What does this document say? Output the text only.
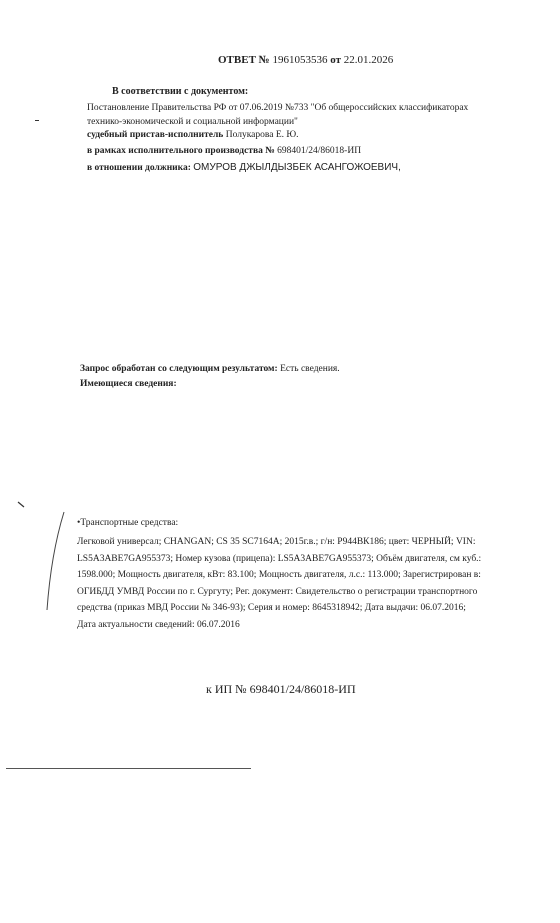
ОТВЕТ № 1961053536 от 22.01.2026
В соответствии с документом:
Постановление Правительства РФ от 07.06.2019 №733 "Об общероссийских классификаторах технико-экономической и социальной информации"
судебный пристав-исполнитель Полукарова Е. Ю.
в рамках исполнительного производства № 698401/24/86018-ИП
в отношении должника: ОМУРОВ ДЖЫЛДЫЗБЕК АСАНГОЖОЕВИЧ,
Запрос обработан со следующим результатом: Есть сведения.
Имеющиеся сведения:
•Транспортные средства:
Легковой универсал; CHANGAN; CS 35 SC7164A; 2015г.в.; г/н: Р944ВК186; цвет: ЧЕРНЫЙ; VIN: LS5A3ABE7GA955373; Номер кузова (прицепа): LS5A3ABE7GA955373; Объём двигателя, см куб.: 1598.000; Мощность двигателя, кВт: 83.100; Мощность двигателя, л.с.: 113.000; Зарегистрирован в: ОГИБДД УМВД России по г. Сургуту; Рег. документ: Свидетельство о регистрации транспортного средства (приказ МВД России № 346-93); Серия и номер: 8645318942; Дата выдачи: 06.07.2016; Дата актуальности сведений: 06.07.2016
к ИП № 698401/24/86018-ИП
